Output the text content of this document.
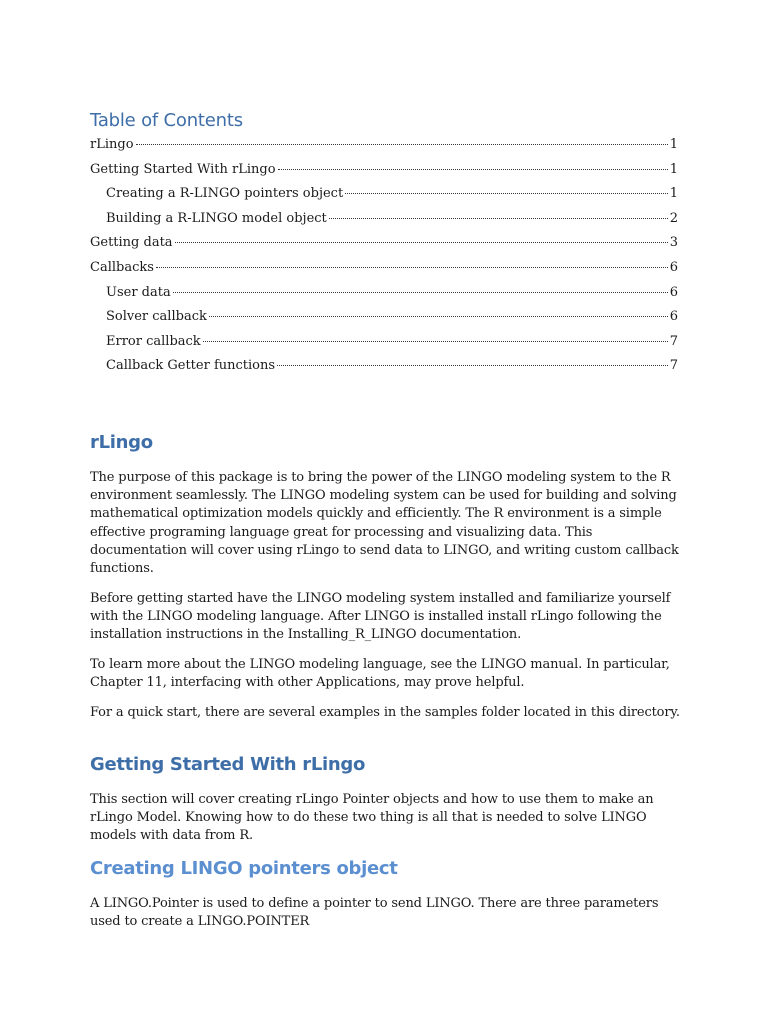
Table of Contents
rLingo	1
Getting Started With rLingo	1
Creating a R-LINGO pointers object	1
Building a R-LINGO model object	2
Getting data	3
Callbacks	6
User data	6
Solver callback	6
Error callback	7
Callback Getter functions	7
rLingo

The purpose of this package is to bring the power of the LINGO modeling system to the R environment seamlessly. The LINGO modeling system can be used for building and solving mathematical optimization models quickly and efficiently. The R environment is a simple effective programing language great for processing and visualizing data. This documentation will cover using rLingo to send data to LINGO, and writing custom callback functions.

Before getting started have the LINGO modeling system installed and familiarize yourself with the LINGO modeling language. After LINGO is installed install rLingo following the installation instructions in the Installing_R_LINGO documentation.

To learn more about the LINGO modeling language, see the LINGO manual. In particular, Chapter 11, interfacing with other Applications, may prove helpful.

For a quick start, there are several examples in the samples folder located in this directory.

Getting Started With rLingo

This section will cover creating rLingo Pointer objects and how to use them to make an rLingo Model. Knowing how to do these two thing is all that is needed to solve LINGO models with data from R.

Creating LINGO pointers object

A LINGO.Pointer is used to define a pointer to send LINGO. There are three parameters used to create a LINGO.POINTER
